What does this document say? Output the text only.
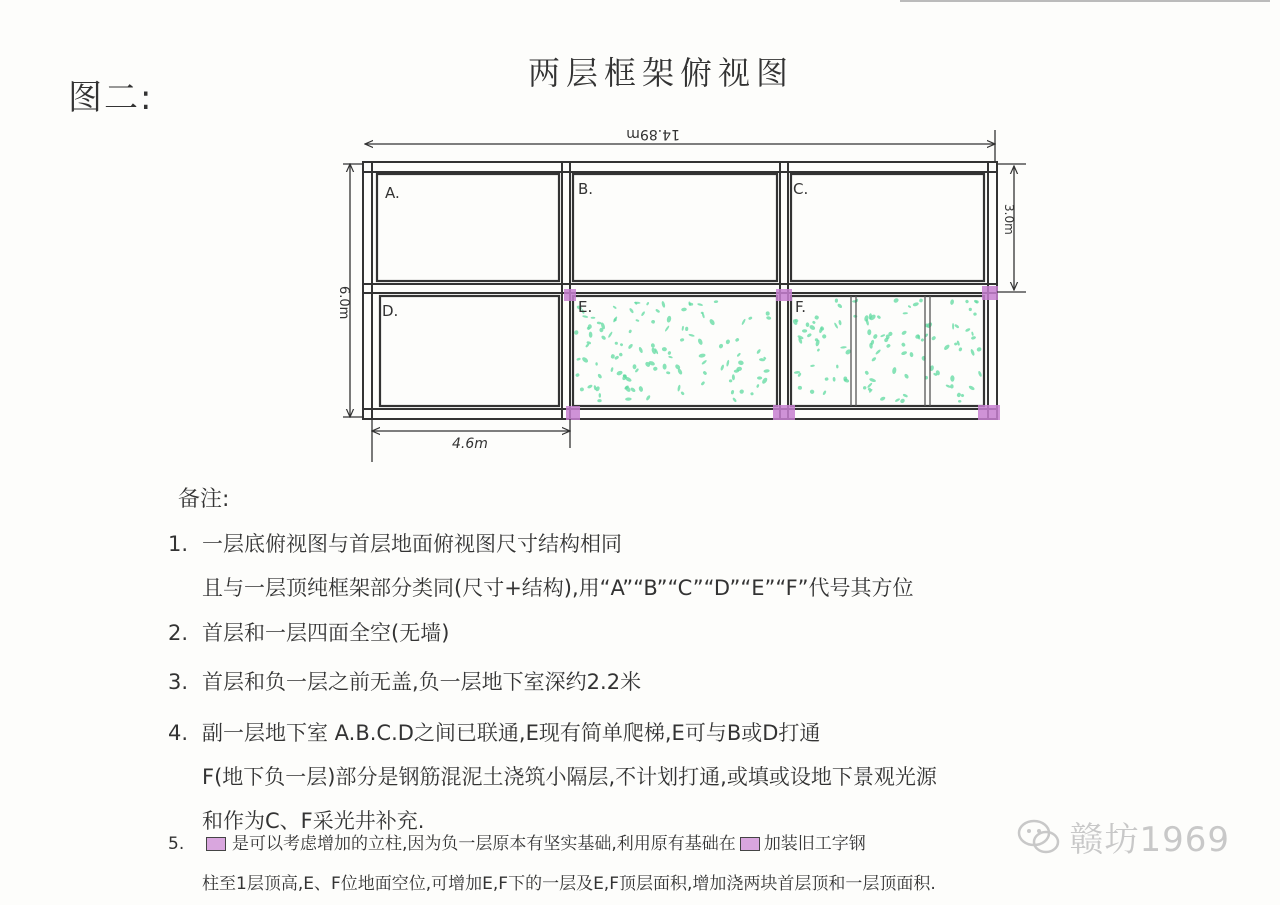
图二:
两层框架俯视图
A.	B.	C.
D.	E.	F.
14.89m
6.0m
3.0m
4.6m
备注:
1. 一层底俯视图与首层地面俯视图尺寸结构相同
且与一层顶纯框架部分类同(尺寸+结构),用“A”“B”“C”“D”“E”“F”代号其方位
2. 首层和一层四面全空(无墙)
3. 首层和负一层之前无盖,负一层地下室深约2.2米
4. 副一层地下室 A.B.C.D之间已联通,E现有简单爬梯,E可与B或D打通
F(地下负一层)部分是钢筋混泥土浇筑小隔层,不计划打通,或填或设地下景观光源
和作为C、F采光井补充.
5.	是可以考虑增加的立柱,因为负一层原本有坚实基础,利用原有基础在 加装旧工字钢
柱至1层顶高,E、F位地面空位,可增加E,F下的一层及E,F顶层面积,增加浇两块首层顶和一层顶面积.
赣坊1969
